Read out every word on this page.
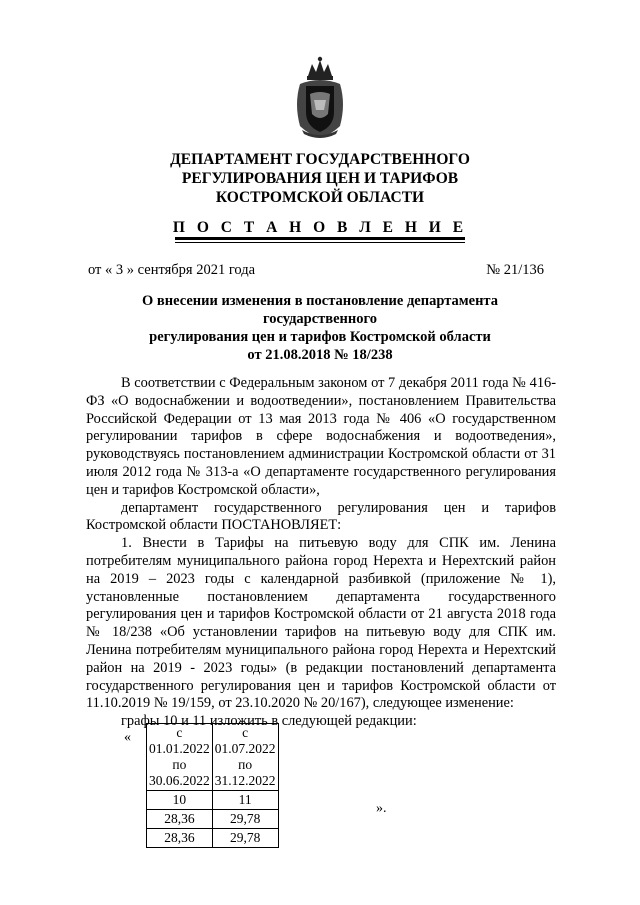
ДЕПАРТАМЕНТ ГОСУДАРСТВЕННОГО
РЕГУЛИРОВАНИЯ ЦЕН И ТАРИФОВ
КОСТРОМСКОЙ ОБЛАСТИ
П О С Т А Н О В Л Е Н И Е
от « 3 » сентября 2021 года	№ 21/136
О внесении изменения в постановление департамента государственного
регулирования цен и тарифов Костромской области
от 21.08.2018 № 18/238

В соответствии с Федеральным законом от 7 декабря 2011 года № 416-ФЗ «О водоснабжении и водоотведении», постановлением Правительства Российской Федерации от 13 мая 2013 года № 406 «О государственном регулировании тарифов в сфере водоснабжения и водоотведения», руководствуясь постановлением администрации Костромской области от 31 июля 2012 года № 313-а «О департаменте государственного регулирования цен и тарифов Костромской области»,

департамент государственного регулирования цен и тарифов Костромской области ПОСТАНОВЛЯЕТ:

1. Внести в Тарифы на питьевую воду для СПК им. Ленина потребителям муниципального района город Нерехта и Нерехтский район на 2019 – 2023 годы с календарной разбивкой (приложение № 1), установленные постановлением департамента государственного регулирования цен и тарифов Костромской области от 21 августа 2018 года № 18/238 «Об установлении тарифов на питьевую воду для СПК им. Ленина потребителям муниципального района город Нерехта и Нерехтский район на 2019 - 2023 годы» (в редакции постановлений департамента государственного регулирования цен и тарифов Костромской области от 11.10.2019 № 19/159, от 23.10.2020 № 20/167), следующее изменение:

графы 10 и 11 изложить в следующей редакции:

«	с 01.01.2022 по 30.06.2022	с 01.07.2022 по 31.12.2022
10	11
28,36	29,78
28,36	29,78
».
